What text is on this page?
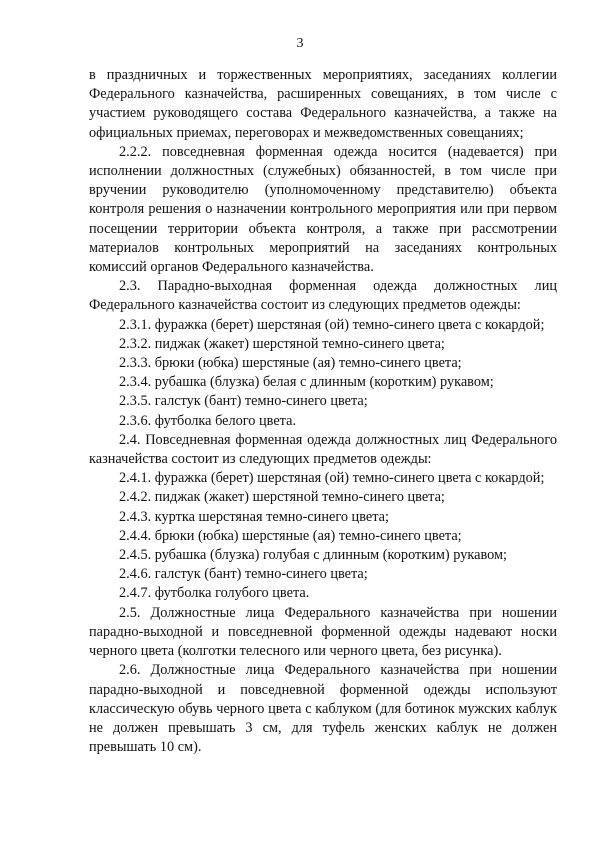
3

в праздничных и торжественных мероприятиях, заседаниях коллегии Федерального казначейства, расширенных совещаниях, в том числе с участием руководящего состава Федерального казначейства, а также на официальных приемах, переговорах и межведомственных совещаниях;

2.2.2. повседневная форменная одежда носится (надевается) при исполнении должностных (служебных) обязанностей, в том числе при вручении руководителю (уполномоченному представителю) объекта контроля решения о назначении контрольного мероприятия или при первом посещении территории объекта контроля, а также при рассмотрении материалов контрольных мероприятий на заседаниях контрольных комиссий органов Федерального казначейства.

2.3. Парадно-выходная форменная одежда должностных лиц Федерального казначейства состоит из следующих предметов одежды:

2.3.1. фуражка (берет) шерстяная (ой) темно-синего цвета с кокардой;

2.3.2. пиджак (жакет) шерстяной темно-синего цвета;

2.3.3. брюки (юбка) шерстяные (ая) темно-синего цвета;

2.3.4. рубашка (блузка) белая с длинным (коротким) рукавом;

2.3.5. галстук (бант) темно-синего цвета;

2.3.6. футболка белого цвета.

2.4. Повседневная форменная одежда должностных лиц Федерального казначейства состоит из следующих предметов одежды:

2.4.1. фуражка (берет) шерстяная (ой) темно-синего цвета с кокардой;

2.4.2. пиджак (жакет) шерстяной темно-синего цвета;

2.4.3. куртка шерстяная темно-синего цвета;

2.4.4. брюки (юбка) шерстяные (ая) темно-синего цвета;

2.4.5. рубашка (блузка) голубая с длинным (коротким) рукавом;

2.4.6. галстук (бант) темно-синего цвета;

2.4.7. футболка голубого цвета.

2.5. Должностные лица Федерального казначейства при ношении парадно-выходной и повседневной форменной одежды надевают носки черного цвета (колготки телесного или черного цвета, без рисунка).

2.6. Должностные лица Федерального казначейства при ношении парадно-выходной и повседневной форменной одежды используют классическую обувь черного цвета с каблуком (для ботинок мужских каблук не должен превышать 3 см, для туфель женских каблук не должен превышать 10 см).
